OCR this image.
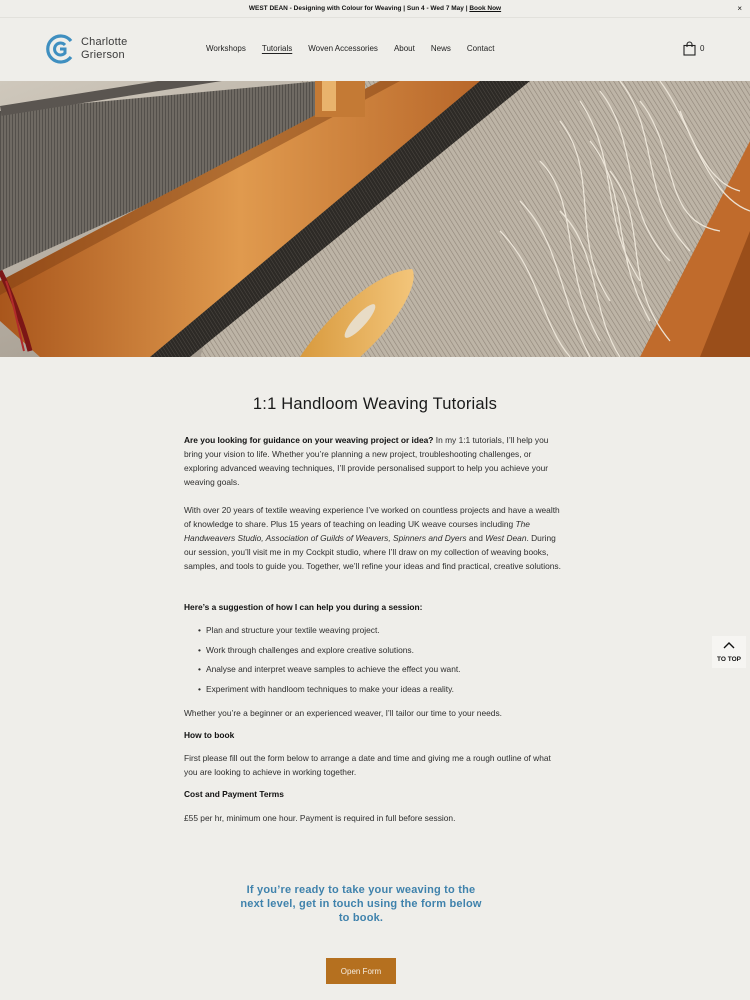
WEST DEAN - Designing with Colour for Weaving | Sun 4 - Wed 7 May | Book Now	×
Charlotte
Grierson
Workshops Tutorials Woven Accessories About News Contact	0
1:1 Handloom Weaving Tutorials

Are you looking for guidance on your weaving project or idea? In my 1:1 tutorials, I’ll help you bring your vision to life. Whether you’re planning a new project, troubleshooting challenges, or exploring advanced weaving techniques, I’ll provide personalised support to help you achieve your weaving goals.

With over 20 years of textile weaving experience I’ve worked on countless projects and have a wealth of knowledge to share. Plus 15 years of teaching on leading UK weave courses including The Handweavers Studio, Association of Guilds of Weavers, Spinners and Dyers and West Dean. During our session, you’ll visit me in my Cockpit studio, where I’ll draw on my collection of weaving books, samples, and tools to guide you. Together, we’ll refine your ideas and find practical, creative solutions.

Here’s a suggestion of how I can help you during a session:
• Plan and structure your textile weaving project.
• Work through challenges and explore creative solutions.
• Analyse and interpret weave samples to achieve the effect you want.
• Experiment with handloom techniques to make your ideas a reality.

Whether you’re a beginner or an experienced weaver, I’ll tailor our time to your needs.

How to book

First please fill out the form below to arrange a date and time and giving me a rough outline of what you are looking to achieve in working together.

Cost and Payment Terms

£55 per hr, minimum one hour. Payment is required in full before session.

If you’re ready to take your weaving to the next level, get in touch using the form below to book.
Open Form
TO TOP
